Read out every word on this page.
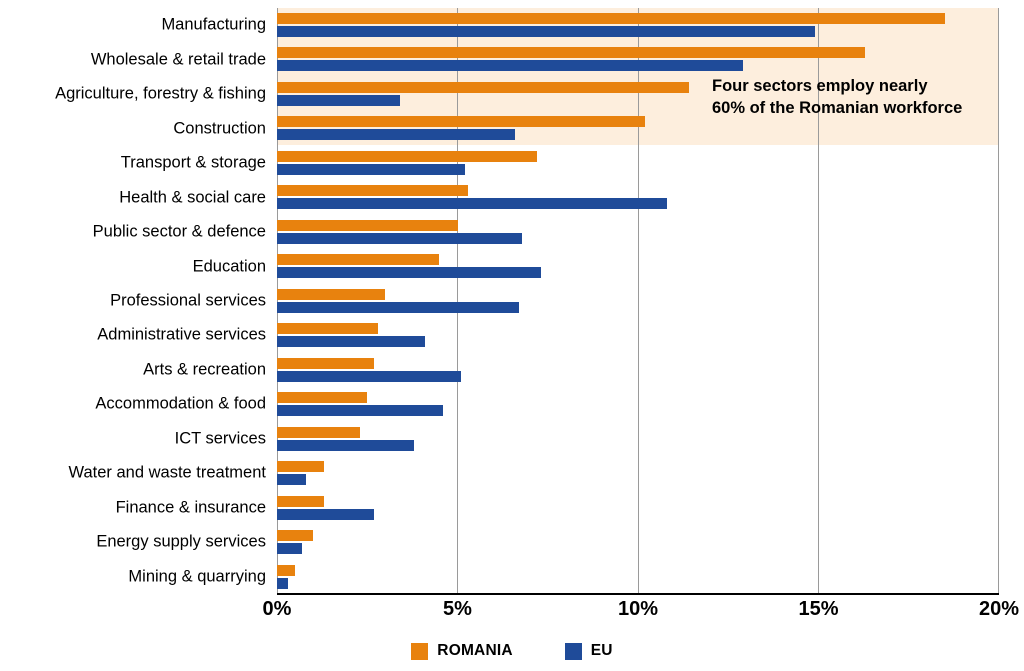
Manufacturing
Wholesale & retail trade
Agriculture, forestry & fishing
Construction
Transport & storage
Health & social care
Public sector & defence
Education
Professional services
Administrative services
Arts & recreation
Accommodation & food
ICT services
Water and waste treatment
Finance & insurance
Energy supply services
Mining & quarrying
Four sectors employ nearly
60% of the Romanian workforce
0%	5%	10%	15%	20%
ROMANIA	EU
